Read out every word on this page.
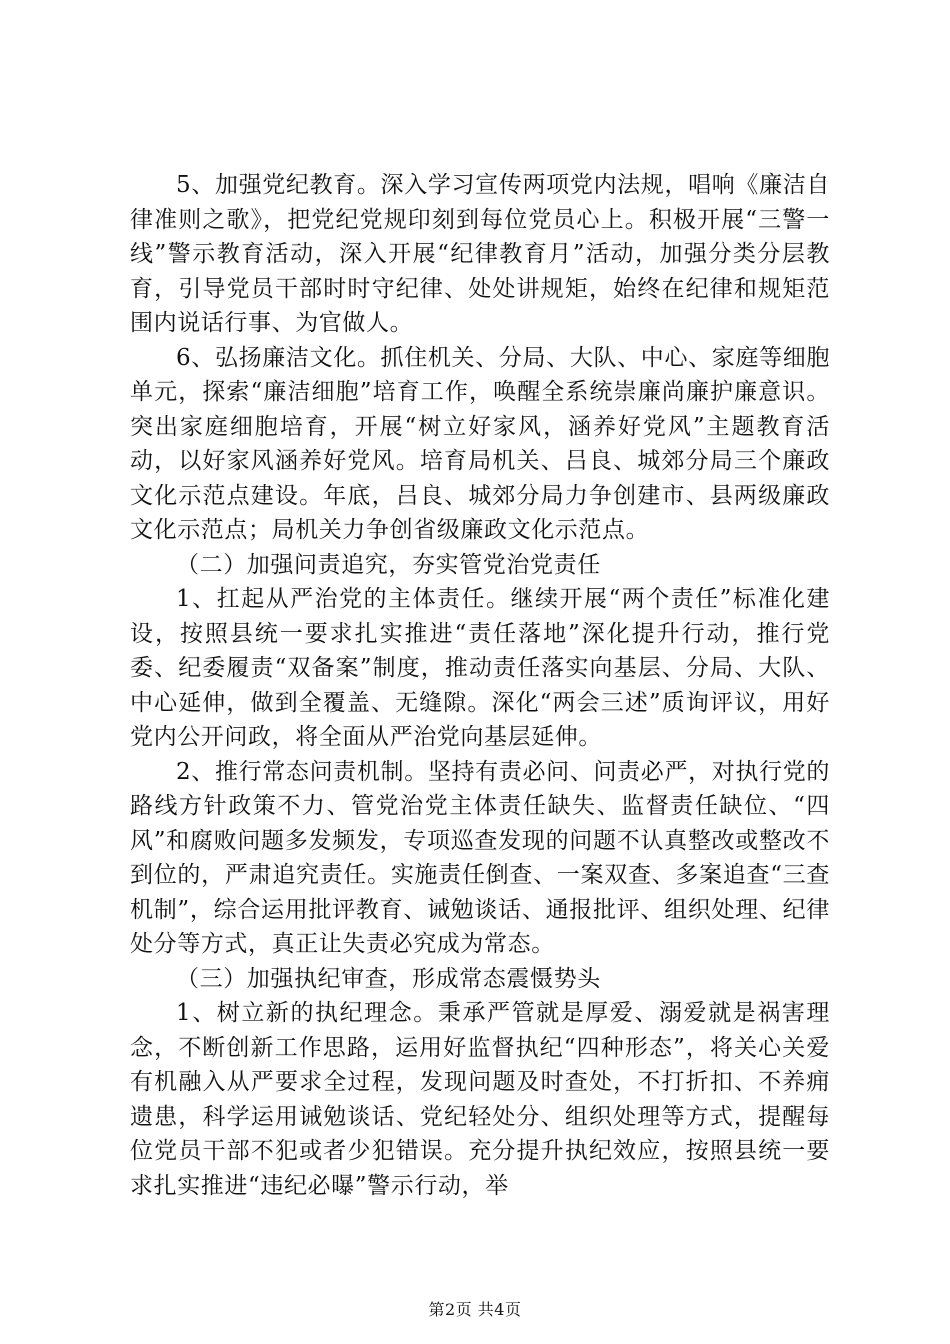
5、加强党纪教育。深入学习宣传两项党内法规，唱响《廉洁自律准则之歌》，把党纪党规印刻到每位党员心上。积极开展“三警一线”警示教育活动，深入开展“纪律教育月”活动，加强分类分层教育，引导党员干部时时守纪律、处处讲规矩，始终在纪律和规矩范围内说话行事、为官做人。

6、弘扬廉洁文化。抓住机关、分局、大队、中心、家庭等细胞单元，探索“廉洁细胞”培育工作，唤醒全系统崇廉尚廉护廉意识。突出家庭细胞培育，开展“树立好家风，涵养好党风”主题教育活动，以好家风涵养好党风。培育局机关、吕良、城郊分局三个廉政文化示范点建设。年底，吕良、城郊分局力争创建市、县两级廉政文化示范点；局机关力争创省级廉政文化示范点。

（二）加强问责追究，夯实管党治党责任

1、扛起从严治党的主体责任。继续开展“两个责任”标准化建设，按照县统一要求扎实推进“责任落地”深化提升行动，推行党委、纪委履责“双备案”制度，推动责任落实向基层、分局、大队、中心延伸，做到全覆盖、无缝隙。深化“两会三述”质询评议，用好党内公开问政，将全面从严治党向基层延伸。

2、推行常态问责机制。坚持有责必问、问责必严，对执行党的路线方针政策不力、管党治党主体责任缺失、监督责任缺位、“四风”和腐败问题多发频发，专项巡查发现的问题不认真整改或整改不到位的，严肃追究责任。实施责任倒查、一案双查、多案追查“三查机制”，综合运用批评教育、诫勉谈话、通报批评、组织处理、纪律处分等方式，真正让失责必究成为常态。

（三）加强执纪审查，形成常态震慑势头

1、树立新的执纪理念。秉承严管就是厚爱、溺爱就是祸害理念，不断创新工作思路，运用好监督执纪“四种形态”，将关心关爱有机融入从严要求全过程，发现问题及时查处，不打折扣、不养痈遗患，科学运用诫勉谈话、党纪轻处分、组织处理等方式，提醒每位党员干部不犯或者少犯错误。充分提升执纪效应，按照县统一要求扎实推进“违纪必曝”警示行动，举

第2页 共4页
